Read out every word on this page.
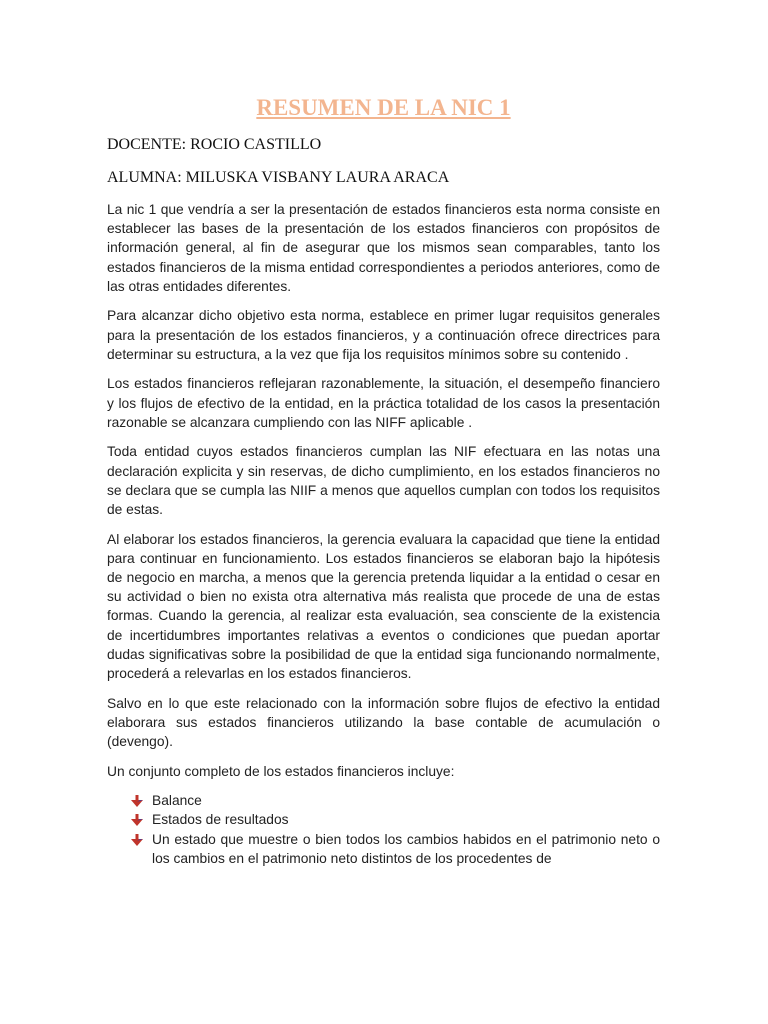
RESUMEN DE LA NIC 1

DOCENTE: ROCIO CASTILLO

ALUMNA: MILUSKA VISBANY LAURA ARACA

La nic 1 que vendría a ser la presentación de estados financieros esta norma consiste en establecer las bases de la presentación de los estados financieros con propósitos de información general, al fin de asegurar que los mismos sean comparables, tanto los estados financieros de la misma entidad correspondientes a periodos anteriores, como de las otras entidades diferentes.

Para alcanzar dicho objetivo esta norma, establece en primer lugar requisitos generales para la presentación de los estados financieros, y a continuación ofrece directrices para determinar su estructura, a la vez que fija los requisitos mínimos sobre su contenido .

Los estados financieros reflejaran razonablemente, la situación, el desempeño financiero y los flujos de efectivo de la entidad, en la práctica totalidad de los casos la presentación razonable se alcanzara cumpliendo con las NIFF aplicable .

Toda entidad cuyos estados financieros cumplan las NIF efectuara en las notas una declaración explicita y sin reservas, de dicho cumplimiento, en los estados financieros no se declara que se cumpla las NIIF a menos que aquellos cumplan con todos los requisitos de estas.

Al elaborar los estados financieros, la gerencia evaluara la capacidad que tiene la entidad para continuar en funcionamiento. Los estados financieros se elaboran bajo la hipótesis de negocio en marcha, a menos que la gerencia pretenda liquidar a la entidad o cesar en su actividad o bien no exista otra alternativa más realista que procede de una de estas formas. Cuando la gerencia, al realizar esta evaluación, sea consciente de la existencia de incertidumbres importantes relativas a eventos o condiciones que puedan aportar dudas significativas sobre la posibilidad de que la entidad siga funcionando normalmente, procederá a relevarlas en los estados financieros.

Salvo en lo que este relacionado con la información sobre flujos de efectivo la entidad elaborara sus estados financieros utilizando la base contable de acumulación o (devengo).

Un conjunto completo de los estados financieros incluye:

Balance
Estados de resultados
Un estado que muestre o bien todos los cambios habidos en el patrimonio neto o los cambios en el patrimonio neto distintos de los procedentes de
